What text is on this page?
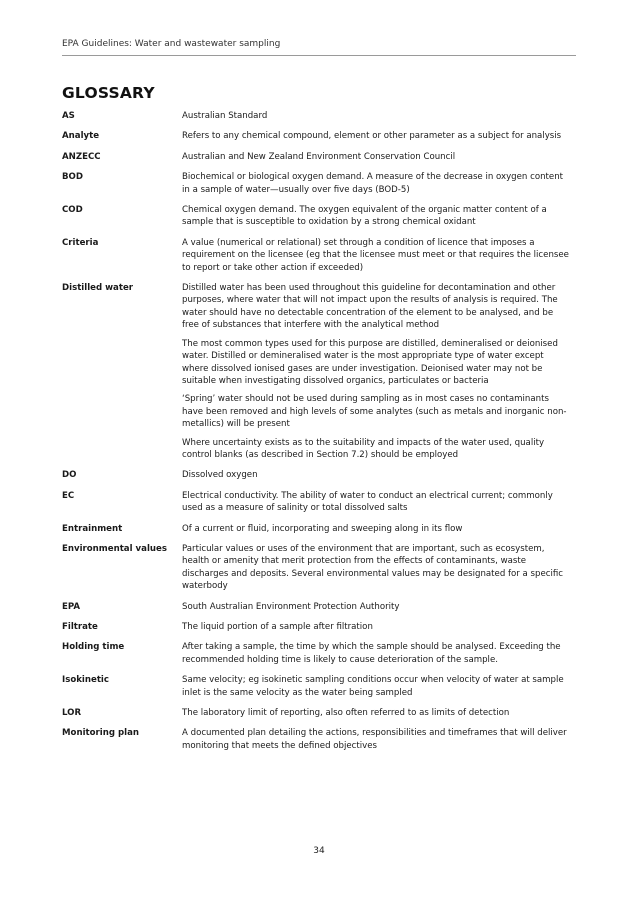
EPA Guidelines: Water and wastewater sampling
GLOSSARY
AS	Australian Standard

Analyte	Refers to any chemical compound, element or other parameter as a subject for analysis

ANZECC	Australian and New Zealand Environment Conservation Council

BOD	Biochemical or biological oxygen demand. A measure of the decrease in oxygen content in a sample of water—usually over five days (BOD-5)

COD	Chemical oxygen demand. The oxygen equivalent of the organic matter content of a sample that is susceptible to oxidation by a strong chemical oxidant

Criteria	A value (numerical or relational) set through a condition of licence that imposes a requirement on the licensee (eg that the licensee must meet or that requires the licensee to report or take other action if exceeded)

Distilled water	Distilled water has been used throughout this guideline for decontamination and other purposes, where water that will not impact upon the results of analysis is required. The water should have no detectable concentration of the element to be analysed, and be free of substances that interfere with the analytical method

The most common types used for this purpose are distilled, demineralised or deionised water. Distilled or demineralised water is the most appropriate type of water except where dissolved ionised gases are under investigation. Deionised water may not be suitable when investigating dissolved organics, particulates or bacteria

‘Spring’ water should not be used during sampling as in most cases no contaminants have been removed and high levels of some analytes (such as metals and inorganic non-metallics) will be present

Where uncertainty exists as to the suitability and impacts of the water used, quality control blanks (as described in Section 7.2) should be employed

DO	Dissolved oxygen

EC	Electrical conductivity. The ability of water to conduct an electrical current; commonly used as a measure of salinity or total dissolved salts

Entrainment	Of a current or fluid, incorporating and sweeping along in its flow

Environmental values	Particular values or uses of the environment that are important, such as ecosystem, health or amenity that merit protection from the effects of contaminants, waste discharges and deposits. Several environmental values may be designated for a specific waterbody

EPA	South Australian Environment Protection Authority

Filtrate	The liquid portion of a sample after filtration

Holding time	After taking a sample, the time by which the sample should be analysed. Exceeding the recommended holding time is likely to cause deterioration of the sample.

Isokinetic	Same velocity; eg isokinetic sampling conditions occur when velocity of water at sample inlet is the same velocity as the water being sampled

LOR	The laboratory limit of reporting, also often referred to as limits of detection

Monitoring plan	A documented plan detailing the actions, responsibilities and timeframes that will deliver monitoring that meets the defined objectives

34
